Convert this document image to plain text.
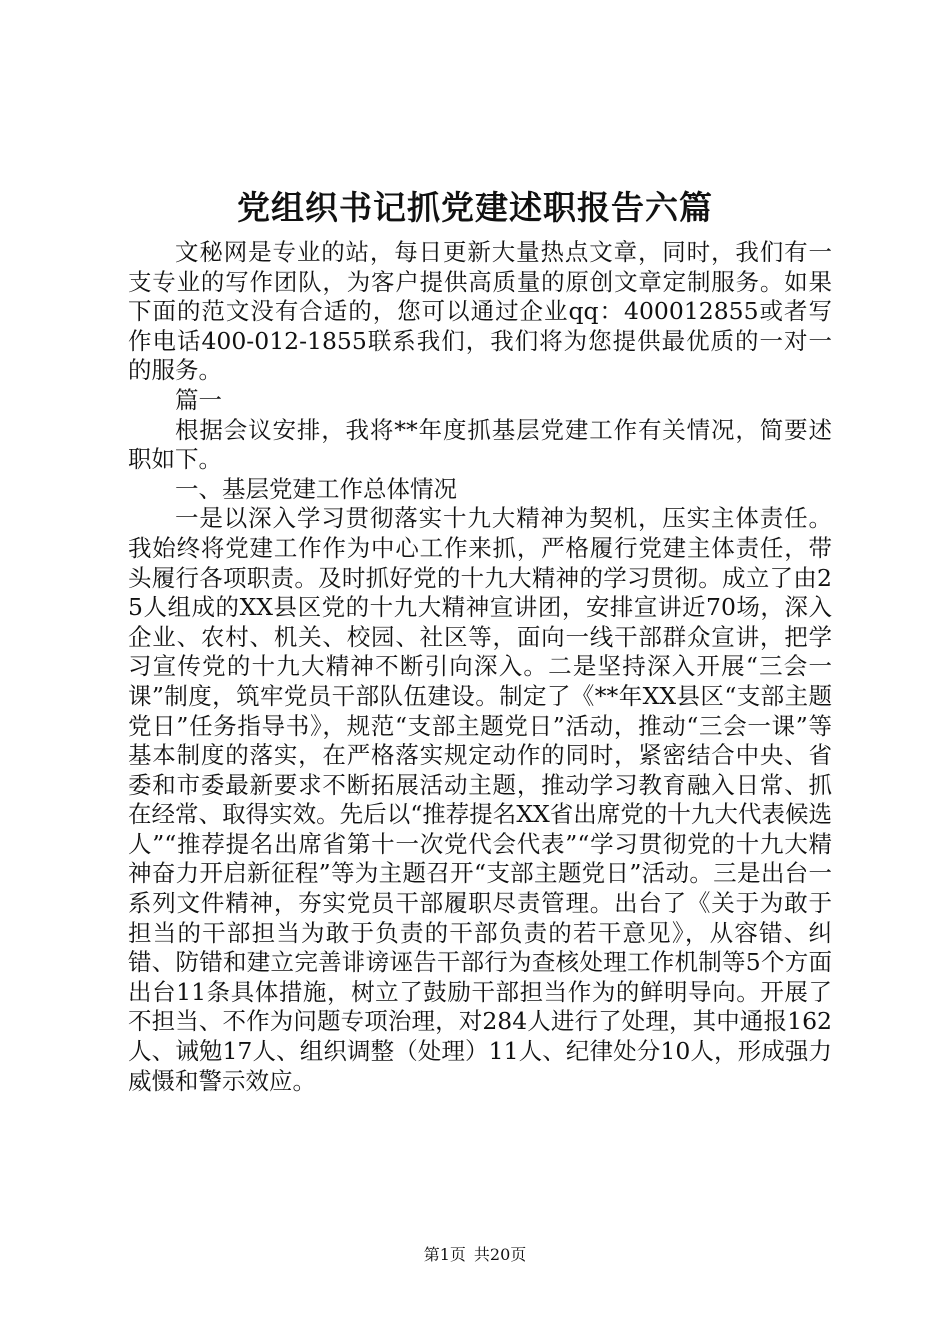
党组织书记抓党建述职报告六篇

文秘网是专业的站，每日更新大量热点文章，同时，我们有一支专业的写作团队，为客户提供高质量的原创文章定制服务。如果下面的范文没有合适的，您可以通过企业qq：400012855或者写作电话400-012-1855联系我们，我们将为您提供最优质的一对一的服务。

篇一

根据会议安排，我将**年度抓基层党建工作有关情况，简要述职如下。

一、基层党建工作总体情况

一是以深入学习贯彻落实十九大精神为契机，压实主体责任。我始终将党建工作作为中心工作来抓，严格履行党建主体责任，带头履行各项职责。及时抓好党的十九大精神的学习贯彻。成立了由25人组成的XX县区党的十九大精神宣讲团，安排宣讲近70场，深入企业、农村、机关、校园、社区等，面向一线干部群众宣讲，把学习宣传党的十九大精神不断引向深入。二是坚持深入开展“三会一课”制度，筑牢党员干部队伍建设。制定了《**年XX县区“支部主题党日”任务指导书》，规范“支部主题党日”活动，推动“三会一课”等基本制度的落实，在严格落实规定动作的同时，紧密结合中央、省委和市委最新要求不断拓展活动主题，推动学习教育融入日常、抓在经常、取得实效。先后以“推荐提名XX省出席党的十九大代表候选人”“推荐提名出席省第十一次党代会代表”“学习贯彻党的十九大精神奋力开启新征程”等为主题召开“支部主题党日”活动。三是出台一系列文件精神，夯实党员干部履职尽责管理。出台了《关于为敢于担当的干部担当为敢于负责的干部负责的若干意见》，从容错、纠错、防错和建立完善诽谤诬告干部行为查核处理工作机制等5个方面出台11条具体措施，树立了鼓励干部担当作为的鲜明导向。开展了不担当、不作为问题专项治理，对284人进行了处理，其中通报162人、诫勉17人、组织调整（处理）11人、纪律处分10人，形成强力威慑和警示效应。

第1页 共20页
